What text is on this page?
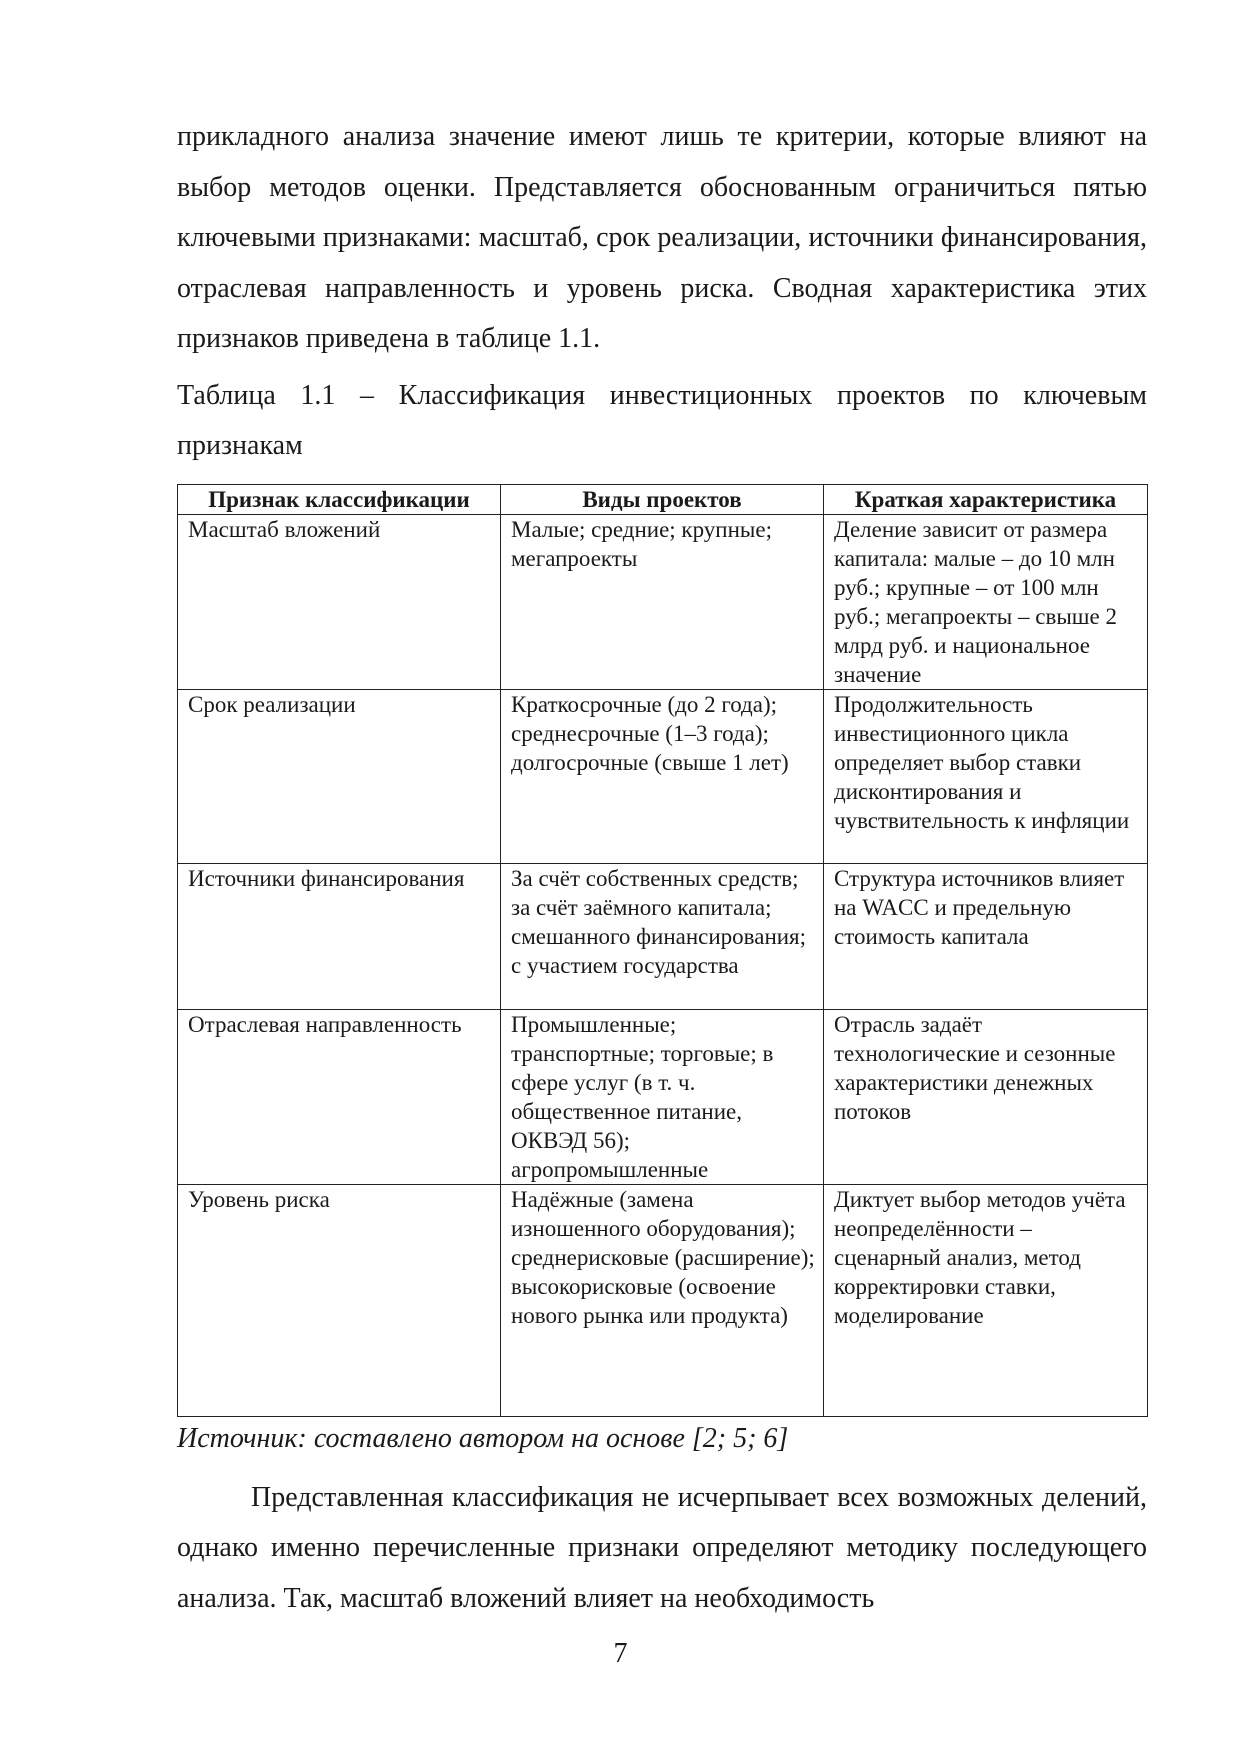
прикладного анализа значение имеют лишь те критерии, которые влияют на выбор методов оценки. Представляется обоснованным ограничиться пятью ключевыми признаками: масштаб, срок реализации, источники финансирования, отраслевая направленность и уровень риска. Сводная характеристика этих признаков приведена в таблице 1.1.

Таблица 1.1 – Классификация инвестиционных проектов по ключевым признакам

Признак классификации	Виды проектов	Краткая характеристика
Масштаб вложений	Малые; средние; крупные; мегапроекты	Деление зависит от размера капитала: малые – до 10 млн руб.; крупные – от 100 млн руб.; мегапроекты – свыше 2 млрд руб. и национальное значение
Срок реализации	Краткосрочные (до 2 года); среднесрочные (1–3 года); долгосрочные (свыше 1 лет)	Продолжительность инвестиционного цикла определяет выбор ставки дисконтирования и чувствительность к инфляции
Источники финансирования	За счёт собственных средств; за счёт заёмного капитала; смешанного финансирования; с участием государства	Структура источников влияет на WACC и предельную стоимость капитала
Отраслевая направленность	Промышленные; транспортные; торговые; в сфере услуг (в т. ч. общественное питание, ОКВЭД 56); агропромышленные	Отрасль задаёт технологические и сезонные характеристики денежных потоков
Уровень риска	Надёжные (замена изношенного оборудования); среднерисковые (расширение); высокорисковые (освоение нового рынка или продукта)	Диктует выбор методов учёта неопределённости – сценарный анализ, метод корректировки ставки, моделирование

Источник: составлено автором на основе [2; 5; 6]

Представленная классификация не исчерпывает всех возможных делений, однако именно перечисленные признаки определяют методику последующего анализа. Так, масштаб вложений влияет на необходимость

7
